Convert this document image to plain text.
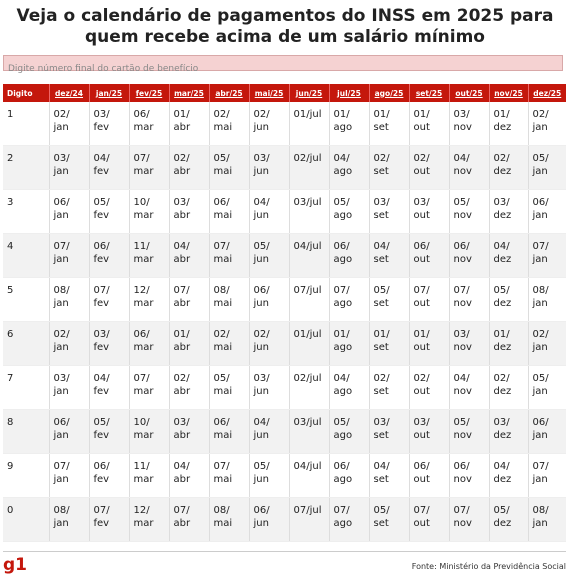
Veja o calendário de pagamentos do INSS em 2025 para quem recebe acima de um salário mínimo
Digite número final do cartão de benefício
Digito	dez/24	jan/25	fev/25	mar/25	abr/25	mai/25	jun/25	jul/25	ago/25	set/25	out/25	nov/25	dez/25
1	02/ jan	03/ fev	06/ mar	01/ abr	02/ mai	02/ jun	01/jul	01/ ago	01/ set	01/ out	03/ nov	01/ dez	02/ jan
2	03/ jan	04/ fev	07/ mar	02/ abr	05/ mai	03/ jun	02/jul	04/ ago	02/ set	02/ out	04/ nov	02/ dez	05/ jan
3	06/ jan	05/ fev	10/ mar	03/ abr	06/ mai	04/ jun	03/jul	05/ ago	03/ set	03/ out	05/ nov	03/ dez	06/ jan
4	07/ jan	06/ fev	11/ mar	04/ abr	07/ mai	05/ jun	04/jul	06/ ago	04/ set	06/ out	06/ nov	04/ dez	07/ jan
5	08/ jan	07/ fev	12/ mar	07/ abr	08/ mai	06/ jun	07/jul	07/ ago	05/ set	07/ out	07/ nov	05/ dez	08/ jan
6	02/ jan	03/ fev	06/ mar	01/ abr	02/ mai	02/ jun	01/jul	01/ ago	01/ set	01/ out	03/ nov	01/ dez	02/ jan
7	03/ jan	04/ fev	07/ mar	02/ abr	05/ mai	03/ jun	02/jul	04/ ago	02/ set	02/ out	04/ nov	02/ dez	05/ jan
8	06/ jan	05/ fev	10/ mar	03/ abr	06/ mai	04/ jun	03/jul	05/ ago	03/ set	03/ out	05/ nov	03/ dez	06/ jan
9	07/ jan	06/ fev	11/ mar	04/ abr	07/ mai	05/ jun	04/jul	06/ ago	04/ set	06/ out	06/ nov	04/ dez	07/ jan
0	08/ jan	07/ fev	12/ mar	07/ abr	08/ mai	06/ jun	07/jul	07/ ago	05/ set	07/ out	07/ nov	05/ dez	08/ jan
g1	Fonte: Ministério da Previdência Social
